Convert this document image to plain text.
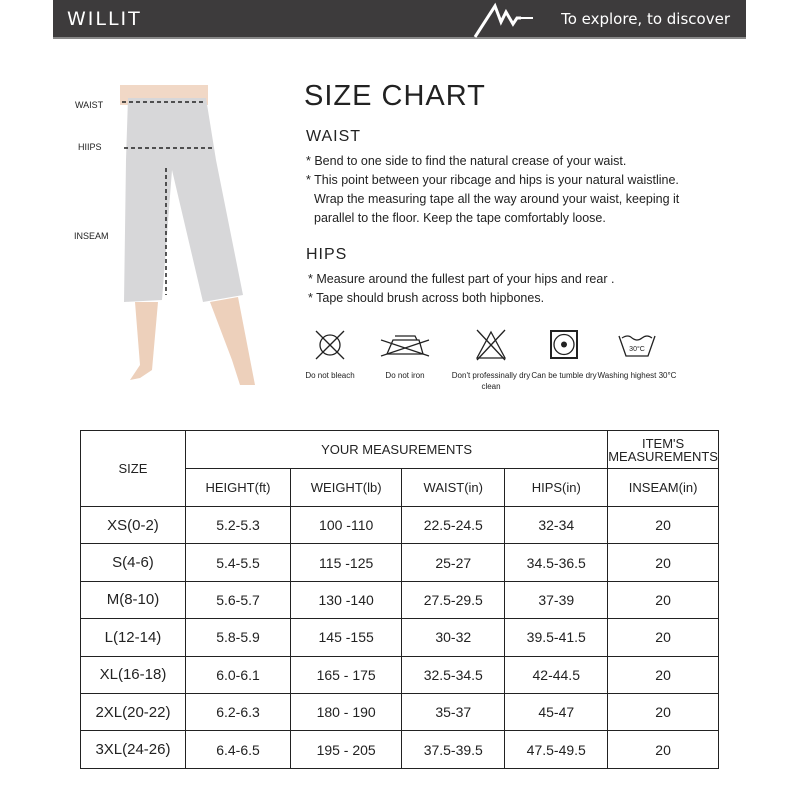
WILLIT	To explore, to discover
WAIST
HIIPS
INSEAM
SIZE CHART
WAIST
* Bend to one side to find the natural crease of your waist.
* This point between your ribcage and hips is your natural waistline.
Wrap the measuring tape all the way around your waist, keeping it
parallel to the floor. Keep the tape comfortably loose.
HIPS
* Measure around the fullest part of your hips and rear .
* Tape should brush across both hipbones.
Do not bleach	Do not iron	Don't professinally dry clean
Can be tumble dry
30°C
Washing highest 30°C
SIZE	YOUR MEASUREMENTS				ITEM'S MEASUREMENTS
	HEIGHT(ft)	WEIGHT(lb)	WAIST(in)	HIPS(in)	INSEAM(in)
XS(0-2)	5.2-5.3	100 -110	22.5-24.5	32-34	20
S(4-6)	5.4-5.5	115 -125	25-27	34.5-36.5	20
M(8-10)	5.6-5.7	130 -140	27.5-29.5	37-39	20
L(12-14)	5.8-5.9	145 -155	30-32	39.5-41.5	20
XL(16-18)	6.0-6.1	165 - 175	32.5-34.5	42-44.5	20
2XL(20-22)	6.2-6.3	180 - 190	35-37	45-47	20
3XL(24-26)	6.4-6.5	195 - 205	37.5-39.5	47.5-49.5	20
